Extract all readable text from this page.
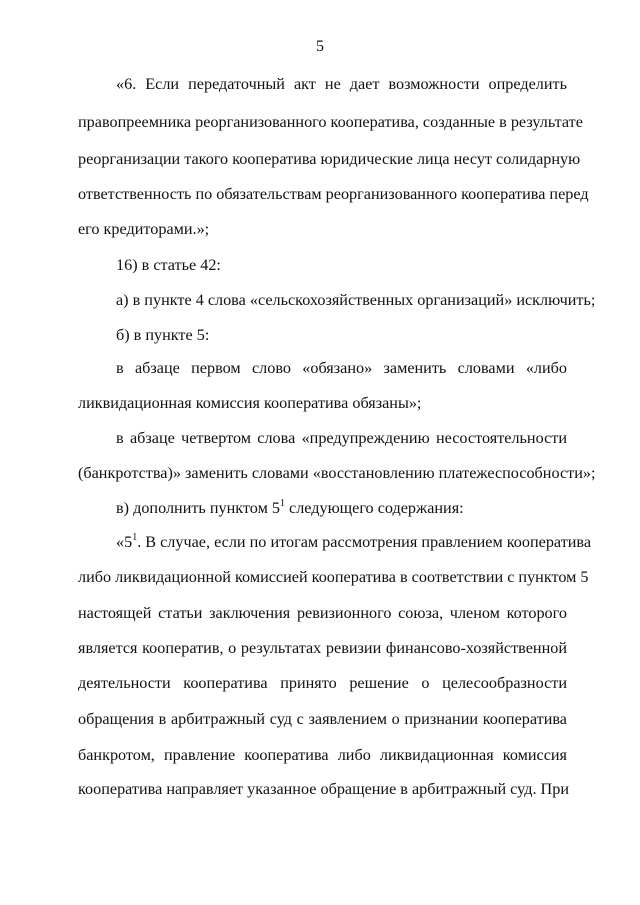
5
«6. Если передаточный акт не дает возможности определить
правопреемника реорганизованного кооператива, созданные в результате
реорганизации такого кооператива юридические лица несут солидарную
ответственность по обязательствам реорганизованного кооператива перед
его кредиторами.»;
16) в статье 42:
а) в пункте 4 слова «сельскохозяйственных организаций» исключить;
б) в пункте 5:
в абзаце первом слово «обязано» заменить словами «либо
ликвидационная комиссия кооператива обязаны»;
в абзаце четвертом слова «предупреждению несостоятельности
(банкротства)» заменить словами «восстановлению платежеспособности»;
в) дополнить пунктом $5^1$ следующего содержания:
«$5^1$. В случае, если по итогам рассмотрения правлением кооператива
либо ликвидационной комиссией кооператива в соответствии с пунктом 5
настоящей статьи заключения ревизионного союза, членом которого
является кооператив, о результатах ревизии финансово-хозяйственной
деятельности кооператива принято решение о целесообразности
обращения в арбитражный суд с заявлением о признании кооператива
банкротом, правление кооператива либо ликвидационная комиссия
кооператива направляет указанное обращение в арбитражный суд. При
